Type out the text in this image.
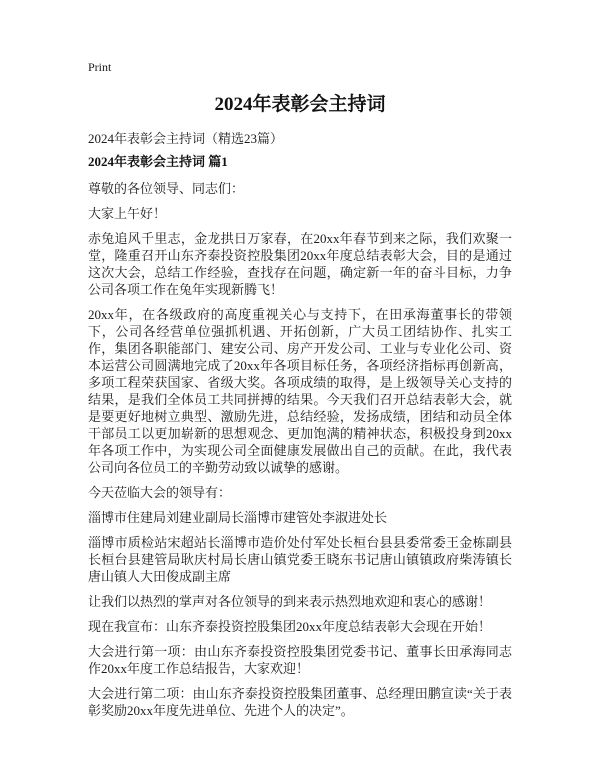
Print
2024年表彰会主持词
2024年表彰会主持词（精选23篇）
2024年表彰会主持词 篇1

尊敬的各位领导、同志们：

大家上午好！

赤兔追风千里志，金龙拱日万家春，在20xx年春节到来之际，我们欢聚一堂，隆重召开山东齐泰投资控股集团20xx年度总结表彰大会，目的是通过这次大会，总结工作经验，查找存在问题，确定新一年的奋斗目标，力争公司各项工作在兔年实现新腾飞！

20xx年，在各级政府的高度重视关心与支持下，在田承海董事长的带领下，公司各经营单位强抓机遇、开拓创新，广大员工团结协作、扎实工作，集团各职能部门、建安公司、房产开发公司、工业与专业化公司、资本运营公司圆满地完成了20xx年各项目标任务，各项经济指标再创新高，多项工程荣获国家、省级大奖。各项成绩的取得，是上级领导关心支持的结果，是我们全体员工共同拼搏的结果。今天我们召开总结表彰大会，就是要更好地树立典型、激励先进，总结经验，发扬成绩，团结和动员全体干部员工以更加崭新的思想观念、更加饱满的精神状态，积极投身到20xx年各项工作中，为实现公司全面健康发展做出自己的贡献。在此，我代表公司向各位员工的辛勤劳动致以诚挚的感谢。

今天莅临大会的领导有：

淄博市住建局刘建业副局长淄博市建管处李淑进处长

淄博市质检站宋超站长淄博市造价处付军处长桓台县县委常委王金栋副县长桓台县建管局耿庆村局长唐山镇党委王晓东书记唐山镇镇政府柴涛镇长唐山镇人大田俊成副主席

让我们以热烈的掌声对各位领导的到来表示热烈地欢迎和衷心的感谢！

现在我宣布：山东齐泰投资控股集团20xx年度总结表彰大会现在开始！

大会进行第一项：由山东齐泰投资控股集团党委书记、董事长田承海同志作20xx年度工作总结报告，大家欢迎！

大会进行第二项：由山东齐泰投资控股集团董事、总经理田鹏宣读“关于表彰奖励20xx年度先进单位、先进个人的决定”。
